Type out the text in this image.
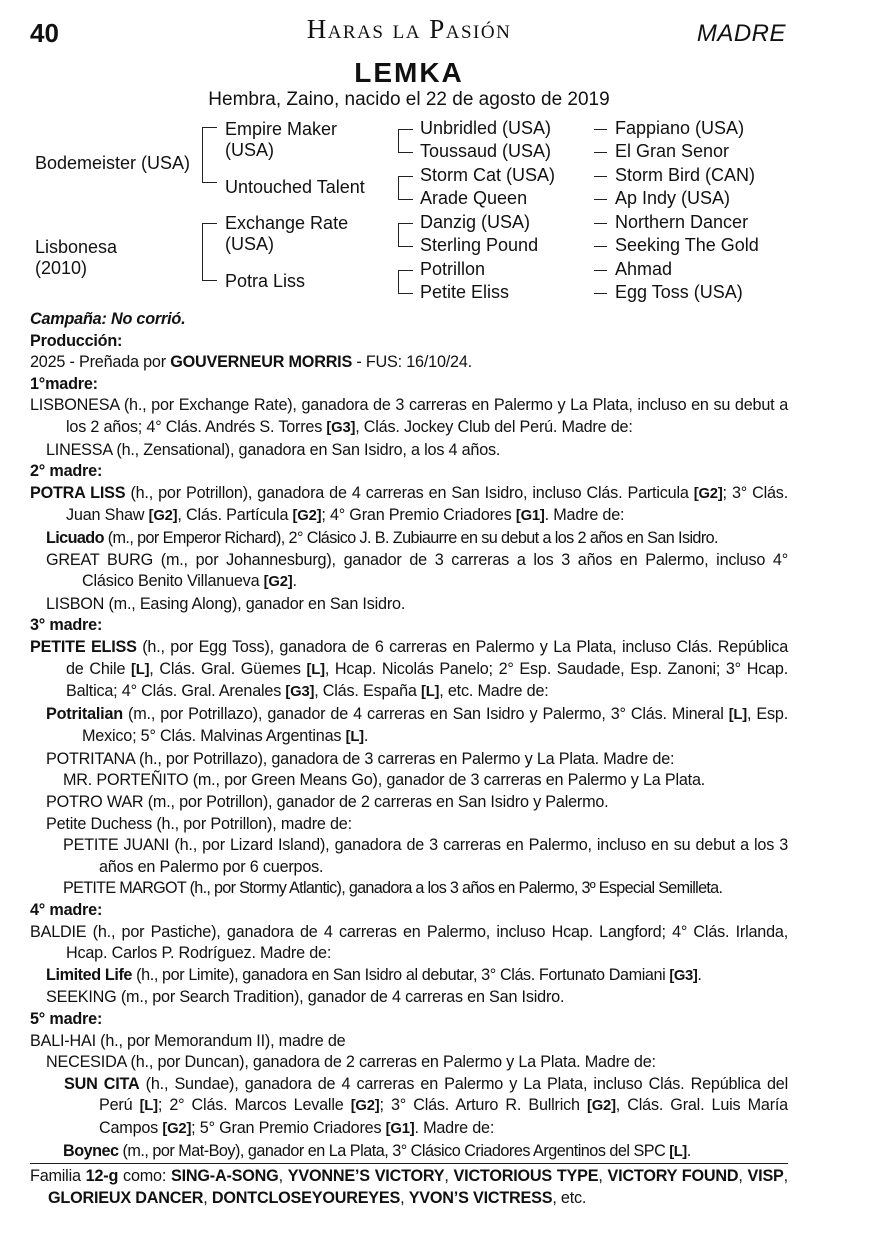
40	Haras la Pasión	MADRE
LEMKA
Hembra, Zaino, nacido el 22 de agosto de 2019
Bodemeister (USA)
Lisbonesa
(2010)
Empire Maker
(USA)
Untouched Talent
Exchange Rate
(USA)
Potra Liss
Unbridled (USA)
Toussaud (USA)
Storm Cat (USA)
Arade Queen
Danzig (USA)
Sterling Pound
Potrillon
Petite Eliss
Fappiano (USA)
El Gran Senor
Storm Bird (CAN)
Ap Indy (USA)
Northern Dancer
Seeking The Gold
Ahmad
Egg Toss (USA)

Campaña: No corrió.

Producción:

2025 - Preñada por GOUVERNEUR MORRIS - FUS: 16/10/24.

1°madre:

LISBONESA (h., por Exchange Rate), ganadora de 3 carreras en Palermo y La Plata, incluso en su debut a los 2 años; 4° Clás. Andrés S. Torres [G3], Clás. Jockey Club del Perú. Madre de:

LINESSA (h., Zensational), ganadora en San Isidro, a los 4 años.

2° madre:

POTRA LISS (h., por Potrillon), ganadora de 4 carreras en San Isidro, incluso Clás. Particula [G2]; 3° Clás. Juan Shaw [G2], Clás. Partícula [G2]; 4° Gran Premio Criadores [G1]. Madre de:

Licuado (m., por Emperor Richard), 2° Clásico J. B. Zubiaurre en su debut a los 2 años en San Isidro.

GREAT BURG (m., por Johannesburg), ganador de 3 carreras a los 3 años en Palermo, incluso 4° Clásico Benito Villanueva [G2].

LISBON (m., Easing Along), ganador en San Isidro.

3° madre:

PETITE ELISS (h., por Egg Toss), ganadora de 6 carreras en Palermo y La Plata, incluso Clás. República de Chile [L], Clás. Gral. Güemes [L], Hcap. Nicolás Panelo; 2° Esp. Saudade, Esp. Zanoni; 3° Hcap. Baltica; 4° Clás. Gral. Arenales [G3], Clás. España [L], etc. Madre de:

Potritalian (m., por Potrillazo), ganador de 4 carreras en San Isidro y Palermo, 3° Clás. Mineral [L], Esp. Mexico; 5° Clás. Malvinas Argentinas [L].

POTRITANA (h., por Potrillazo), ganadora de 3 carreras en Palermo y La Plata. Madre de:

MR. PORTEÑITO (m., por Green Means Go), ganador de 3 carreras en Palermo y La Plata.

POTRO WAR (m., por Potrillon), ganador de 2 carreras en San Isidro y Palermo.

Petite Duchess (h., por Potrillon), madre de:

PETITE JUANI (h., por Lizard Island), ganadora de 3 carreras en Palermo, incluso en su debut a los 3 años en Palermo por 6 cuerpos.

PETITE MARGOT (h., por Stormy Atlantic), ganadora a los 3 años en Palermo, 3º Especial Semilleta.

4° madre:

BALDIE (h., por Pastiche), ganadora de 4 carreras en Palermo, incluso Hcap. Langford; 4° Clás. Irlanda, Hcap. Carlos P. Rodríguez. Madre de:

Limited Life (h., por Limite), ganadora en San Isidro al debutar, 3° Clás. Fortunato Damiani [G3].

SEEKING (m., por Search Tradition), ganador de 4 carreras en San Isidro.

5° madre:

BALI-HAI (h., por Memorandum II), madre de

NECESIDA (h., por Duncan), ganadora de 2 carreras en Palermo y La Plata. Madre de:

SUN CITA (h., Sundae), ganadora de 4 carreras en Palermo y La Plata, incluso Clás. República del Perú [L]; 2° Clás. Marcos Levalle [G2]; 3° Clás. Arturo R. Bullrich [G2], Clás. Gral. Luis María Campos [G2]; 5° Gran Premio Criadores [G1]. Madre de:

Boynec (m., por Mat-Boy), ganador en La Plata, 3° Clásico Criadores Argentinos del SPC [L].

Familia 12-g como: SING-A-SONG, YVONNE’S VICTORY, VICTORIOUS TYPE, VICTORY FOUND, VISP, GLORIEUX DANCER, DONTCLOSEYOUREYES, YVON’S VICTRESS, etc.
